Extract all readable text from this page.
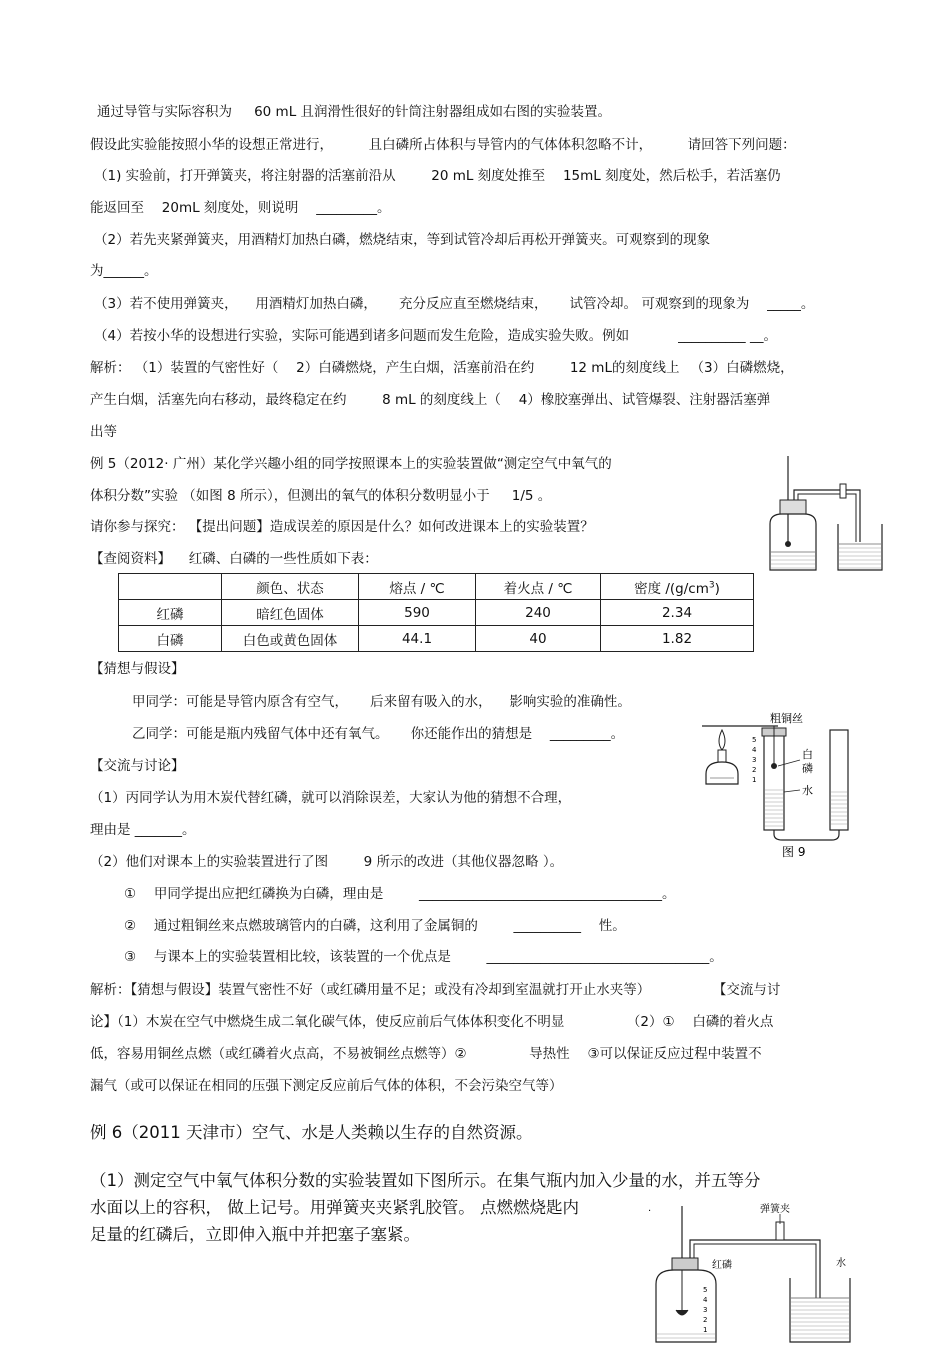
通过导管与实际容积为 　 60 mL 且润滑性很好的针筒注射器组成如右图的实验装置。
假设此实验能按照小华的设想正常进行， 　　 且白磷所占体积与导管内的气体体积忽略不计， 　　 请回答下列问题：
（1) 实验前，打开弹簧夹，将注射器的活塞前沿从 　　 20 mL 刻度处推至 　15mL 刻度处，然后松手，若活塞仍
能返回至 　20mL 刻度处，则说明 　_________。
（2）若先夹紧弹簧夹，用酒精灯加热白磷，燃烧结束，等到试管冷却后再松开弹簧夹。可观察到的现象
为______。
（3）若不使用弹簧夹， 　用酒精灯加热白磷， 　 充分反应直至燃烧结束， 　 试管冷却。 可观察到的现象为 　_____。
（4）若按小华的设想进行实验，实际可能遇到诸多问题而发生危险，造成实验失败。例如 　　　 __________ __。
解析： （1）装置的气密性好（ 　2）白磷燃烧，产生白烟，活塞前沿在约 　　 12 mL的刻度线上 　（3）白磷燃烧，
产生白烟，活塞先向右移动，最终稳定在约 　　 8 mL 的刻度线上（ 　4）橡胶塞弹出、试管爆裂、注射器活塞弹
出等
例 5（2012· 广州）某化学兴趣小组的同学按照课本上的实验装置做“测定空气中氧气的
体积分数”实验 （如图 8 所示），但测出的氧气的体积分数明显小于 　 1/5 。
请你参与探究： 【提出问题】造成误差的原因是什么？如何改进课本上的实验装置？
【查阅资料】 　红磷、白磷的一些性质如下表：
	颜色、状态	熔点 / ℃	着火点 / ℃	密度 $/(g/cm^3)$
红磷	暗红色固体	590	240	2.34
白磷	白色或黄色固体	44.1	40	1.82
【猜想与假设】
甲同学：可能是导管内原含有空气， 　 后来留有吸入的水， 　影响实验的准确性。
乙同学：可能是瓶内残留气体中还有氧气。 　 你还能作出的猜想是 　_________。
【交流与讨论】
（1）丙同学认为用木炭代替红磷，就可以消除误差，大家认为他的猜想不合理，
理由是 _______。
（2）他们对课本上的实验装置进行了图 　　 9 所示的改进（其他仪器忽略 ）。
① 　甲同学提出应把红磷换为白磷，理由是 　　 ____________________________________。
② 　通过粗铜丝来点燃玻璃管内的白磷，这利用了金属铜的 　　 __________ 　性。
③ 　与课本上的实验装置相比较，该装置的一个优点是 　　 _________________________________。
解析：【猜想与假设】装置气密性不好（或红磷用量不足；或没有冷却到室温就打开止水夹等） 　　　　 【交流与讨
论】（1）木炭在空气中燃烧生成二氧化碳气体，使反应前后气体体积变化不明显 　　　　 （2）① 　白磷的着火点
低，容易用铜丝点燃（或红磷着火点高，不易被铜丝点燃等）② 　　　　 导热性 　③可以保证反应过程中装置不
漏气（或可以保证在相同的压强下测定反应前后气体的体积，不会污染空气等）
例 6（2011 天津市）空气、水是人类赖以生存的自然资源。
（1）测定空气中氧气体积分数的实验装置如下图所示。在集气瓶内加入少量的水，并五等分
水面以上的容积， 做上记号。用弹簧夹夹紧乳胶管。 点燃燃烧匙内
足量的红磷后，立即伸入瓶中并把塞子塞紧。
粗铜丝
5
4
3
2
1
白
磷
水
图 9
弹簧夹
·
红磷
5
4
3
2
1
水
